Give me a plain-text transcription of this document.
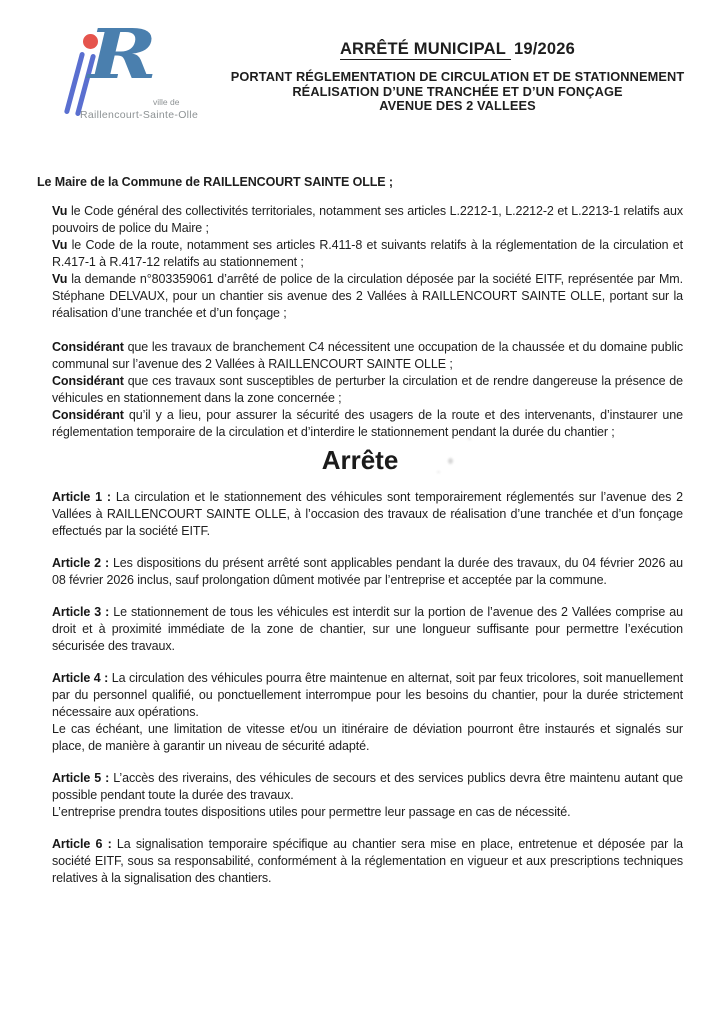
R
ville de
Raillencourt-Sainte-Olle
ARRÊTÉ MUNICIPAL 19/2026
PORTANT RÉGLEMENTATION DE CIRCULATION ET DE STATIONNEMENT
RÉALISATION D’UNE TRANCHÉE ET D’UN FONÇAGE
AVENUE DES 2 VALLEES

Le Maire de la Commune de RAILLENCOURT SAINTE OLLE ;

Vu le Code général des collectivités territoriales, notamment ses articles L.2212-1, L.2212-2 et L.2213-1 relatifs aux pouvoirs de police du Maire ;

Vu le Code de la route, notamment ses articles R.411-8 et suivants relatifs à la réglementation de la circulation et R.417-1 à R.417-12 relatifs au stationnement ;

Vu la demande n°803359061 d’arrêté de police de la circulation déposée par la société EITF, représentée par Mm. Stéphane DELVAUX, pour un chantier sis avenue des 2 Vallées à RAILLENCOURT SAINTE OLLE, portant sur la réalisation d’une tranchée et d’un fonçage ;

Considérant que les travaux de branchement C4 nécessitent une occupation de la chaussée et du domaine public communal sur l’avenue des 2 Vallées à RAILLENCOURT SAINTE OLLE ;

Considérant que ces travaux sont susceptibles de perturber la circulation et de rendre dangereuse la présence de véhicules en stationnement dans la zone concernée ;

Considérant qu’il y a lieu, pour assurer la sécurité des usagers de la route et des intervenants, d’instaurer une réglementation temporaire de la circulation et d’interdire le stationnement pendant la durée du chantier ;

Arrête

Article 1 : La circulation et le stationnement des véhicules sont temporairement réglementés sur l’avenue des 2 Vallées à RAILLENCOURT SAINTE OLLE, à l’occasion des travaux de réalisation d’une tranchée et d’un fonçage effectués par la société EITF.

Article 2 : Les dispositions du présent arrêté sont applicables pendant la durée des travaux, du 04 février 2026 au 08 février 2026 inclus, sauf prolongation dûment motivée par l’entreprise et acceptée par la commune.

Article 3 : Le stationnement de tous les véhicules est interdit sur la portion de l’avenue des 2 Vallées comprise au droit et à proximité immédiate de la zone de chantier, sur une longueur suffisante pour permettre l’exécution sécurisée des travaux.

Article 4 : La circulation des véhicules pourra être maintenue en alternat, soit par feux tricolores, soit manuellement par du personnel qualifié, ou ponctuellement interrompue pour les besoins du chantier, pour la durée strictement nécessaire aux opérations.

Le cas échéant, une limitation de vitesse et/ou un itinéraire de déviation pourront être instaurés et signalés sur place, de manière à garantir un niveau de sécurité adapté.

Article 5 : L’accès des riverains, des véhicules de secours et des services publics devra être maintenu autant que possible pendant toute la durée des travaux.

L’entreprise prendra toutes dispositions utiles pour permettre leur passage en cas de nécessité.

Article 6 : La signalisation temporaire spécifique au chantier sera mise en place, entretenue et déposée par la société EITF, sous sa responsabilité, conformément à la réglementation en vigueur et aux prescriptions techniques relatives à la signalisation des chantiers.
